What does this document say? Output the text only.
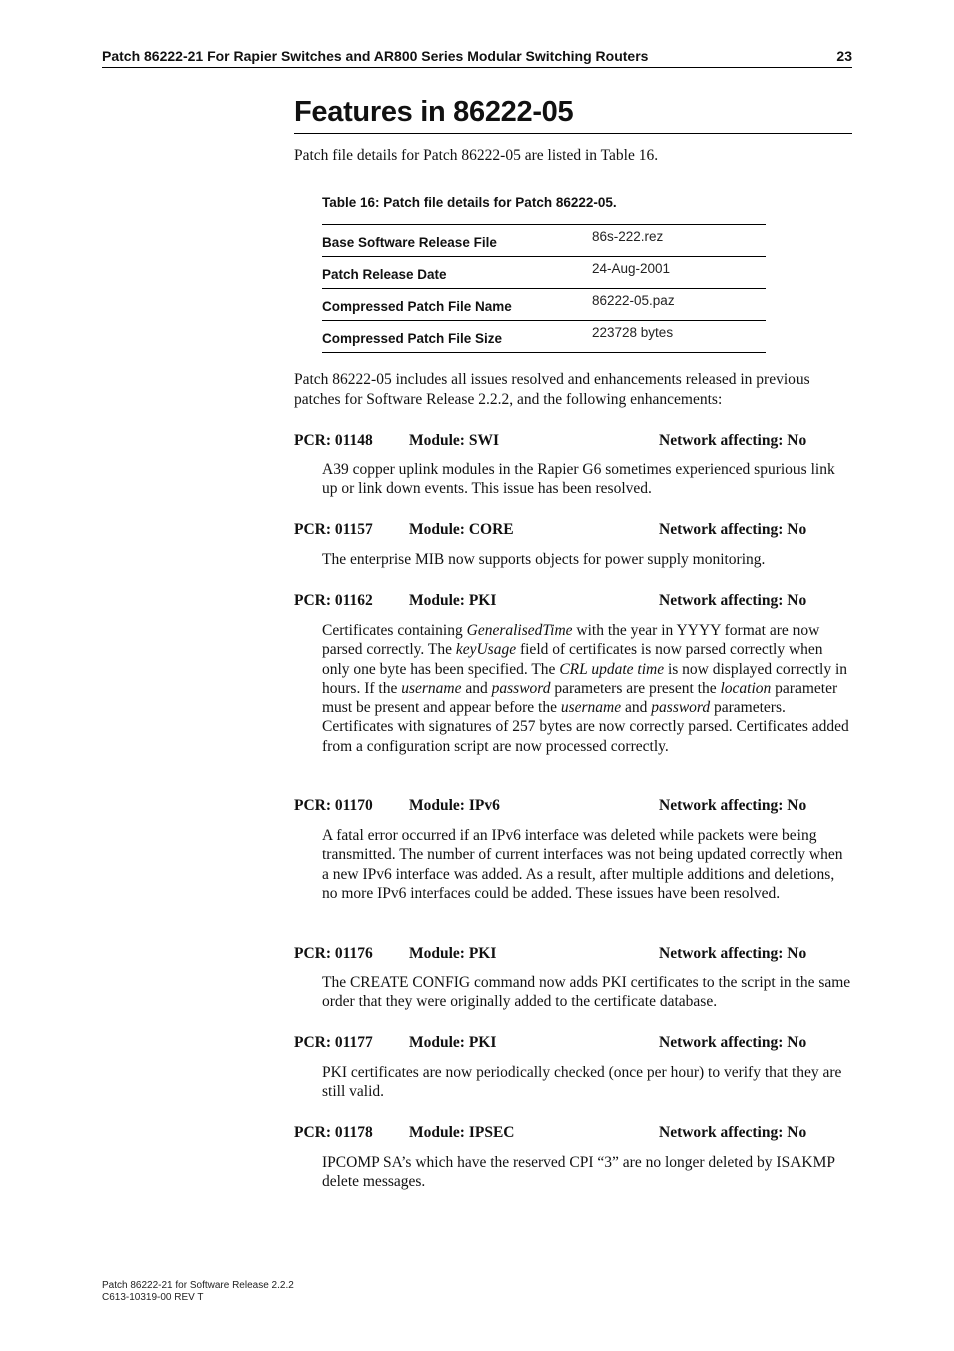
Patch 86222-21 For Rapier Switches and AR800 Series Modular Switching Routers	23
Features in 86222-05
Patch file details for Patch 86222-05 are listed in Table 16.
Table 16: Patch file details for Patch 86222-05.
Base Software Release File	86s-222.rez
Patch Release Date	24-Aug-2001
Compressed Patch File Name	86222-05.paz
Compressed Patch File Size	223728 bytes
Patch 86222-05 includes all issues resolved and enhancements released in previous patches for Software Release 2.2.2, and the following enhancements:
PCR: 01148 Module: SWI	Network affecting: No

A39 copper uplink modules in the Rapier G6 sometimes experienced spurious link up or link down events. This issue has been resolved.

PCR: 01157 Module: CORE	Network affecting: No

The enterprise MIB now supports objects for power supply monitoring.

PCR: 01162 Module: PKI	Network affecting: No

Certificates containing GeneralisedTime with the year in YYYY format are now parsed correctly. The keyUsage field of certificates is now parsed correctly when only one byte has been specified. The CRL update time is now displayed correctly in hours. If the username and password parameters are present the location parameter must be present and appear before the username and password parameters. Certificates with signatures of 257 bytes are now correctly parsed. Certificates added from a configuration script are now processed correctly.

PCR: 01170 Module: IPv6	Network affecting: No

A fatal error occurred if an IPv6 interface was deleted while packets were being transmitted. The number of current interfaces was not being updated correctly when a new IPv6 interface was added. As a result, after multiple additions and deletions, no more IPv6 interfaces could be added. These issues have been resolved.

PCR: 01176 Module: PKI	Network affecting: No

The CREATE CONFIG command now adds PKI certificates to the script in the same order that they were originally added to the certificate database.

PCR: 01177 Module: PKI	Network affecting: No

PKI certificates are now periodically checked (once per hour) to verify that they are still valid.

PCR: 01178 Module: IPSEC	Network affecting: No

IPCOMP SA’s which have the reserved CPI “3” are no longer deleted by ISAKMP delete messages.

Patch 86222-21 for Software Release 2.2.2
C613-10319-00 REV T
